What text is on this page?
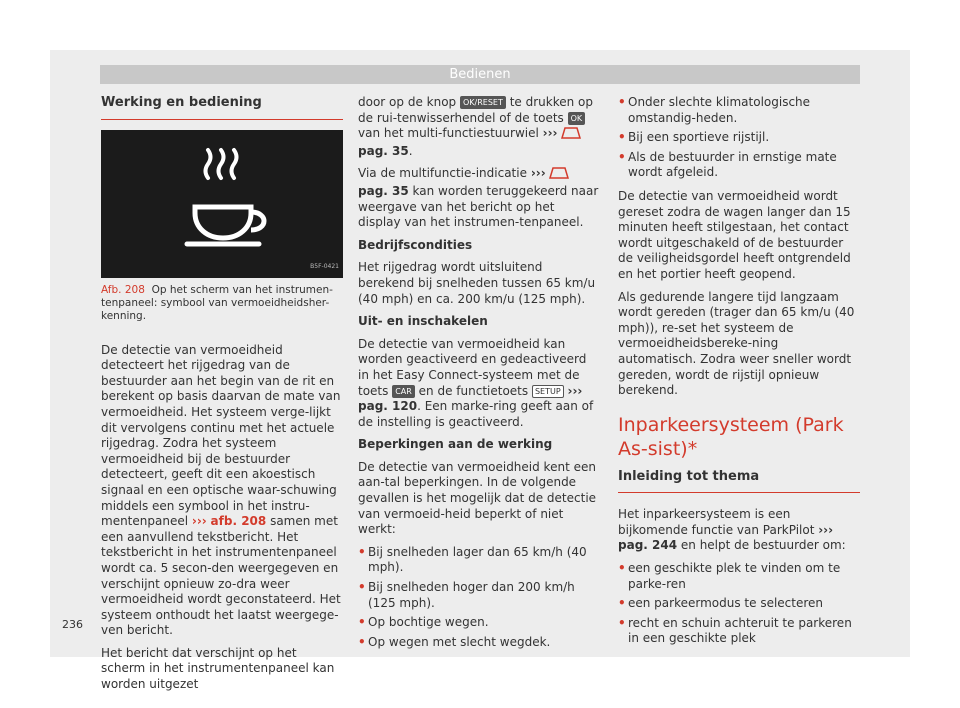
Bedienen
Werking en bediening
B5F-0421
Afb. 208 Op het scherm van het instrumen-tenpaneel: symbool van vermoeidheidsher-kenning.

De detectie van vermoeidheid detecteert het rijgedrag van de bestuurder aan het begin van de rit en berekent op basis daarvan de mate van vermoeidheid. Het systeem verge-lijkt dit vervolgens continu met het actuele rijgedrag. Zodra het systeem vermoeidheid bij de bestuurder detecteert, geeft dit een akoestisch signaal en een optische waar-schuwing middels een symbool in het instru-mentenpaneel ››› afb. 208 samen met een aanvullend tekstbericht. Het tekstbericht in het instrumentenpaneel wordt ca. 5 secon-den weergegeven en verschijnt opnieuw zo-dra weer vermoeidheid wordt geconstateerd. Het systeem onthoudt het laatst weergege-ven bericht.

Het bericht dat verschijnt op het scherm in het instrumentenpaneel kan worden uitgezet

door op de knop OK/RESET te drukken op de rui-tenwisserhendel of de toets OK van het multi-functiestuurwiel ›››  pag. 35.

Via de multifunctie-indicatie ›››  pag. 35 kan worden teruggekeerd naar weergave van het bericht op het display van het instrumen-tenpaneel.

Bedrijfscondities

Het rijgedrag wordt uitsluitend berekend bij snelheden tussen 65 km/u (40 mph) en ca. 200 km/u (125 mph).

Uit- en inschakelen

De detectie van vermoeidheid kan worden geactiveerd en gedeactiveerd in het Easy Connect-systeem met de toets CAR en de functietoets SETUP ››› pag. 120. Een marke-ring geeft aan of de instelling is geactiveerd.

Beperkingen aan de werking

De detectie van vermoeidheid kent een aan-tal beperkingen. In de volgende gevallen is het mogelijk dat de detectie van vermoeid-heid beperkt of niet werkt:

• Bij snelheden lager dan 65 km/h (40 mph).
• Bij snelheden hoger dan 200 km/h (125 mph).
• Op bochtige wegen.
• Op wegen met slecht wegdek.
• Onder slechte klimatologische omstandig-heden.
• Bij een sportieve rijstijl.
• Als de bestuurder in ernstige mate wordt afgeleid.

De detectie van vermoeidheid wordt gereset zodra de wagen langer dan 15 minuten heeft stilgestaan, het contact wordt uitgeschakeld of de bestuurder de veiligheidsgordel heeft ontgrendeld en het portier heeft geopend.

Als gedurende langere tijd langzaam wordt gereden (trager dan 65 km/u (40 mph)), re-set het systeem de vermoeidheidsbereke-ning automatisch. Zodra weer sneller wordt gereden, wordt de rijstijl opnieuw berekend.

Inparkeersysteem (Park As-sist)*
Inleiding tot thema

Het inparkeersysteem is een bijkomende functie van ParkPilot ››› pag. 244 en helpt de bestuurder om:

• een geschikte plek te vinden om te parke-ren
• een parkeermodus te selecteren
• recht en schuin achteruit te parkeren in een geschikte plek
236
